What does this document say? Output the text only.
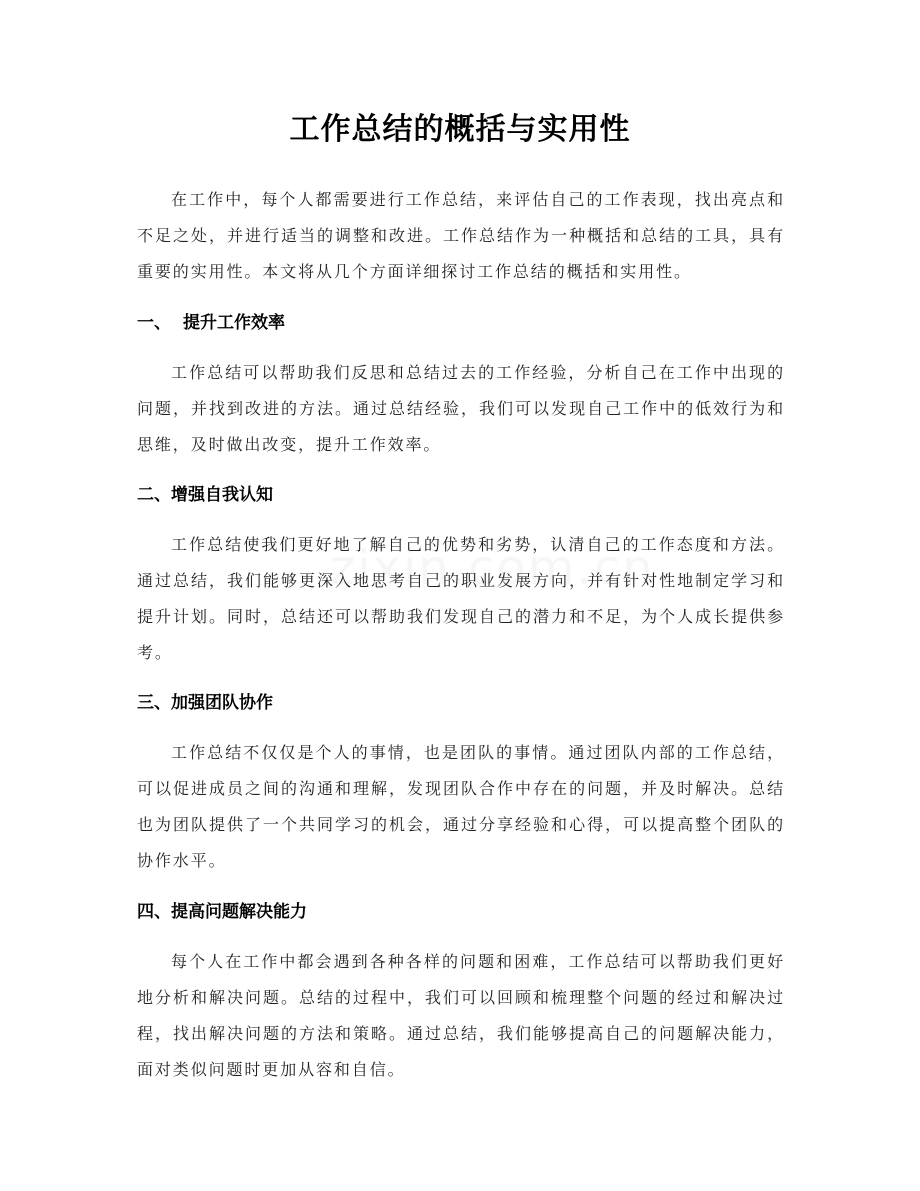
工作总结的概括与实用性

在工作中，每个人都需要进行工作总结，来评估自己的工作表现，找出亮点和不足之处，并进行适当的调整和改进。工作总结作为一种概括和总结的工具，具有重要的实用性。本文将从几个方面详细探讨工作总结的概括和实用性。

一、 提升工作效率

工作总结可以帮助我们反思和总结过去的工作经验，分析自己在工作中出现的问题，并找到改进的方法。通过总结经验，我们可以发现自己工作中的低效行为和思维，及时做出改变，提升工作效率。

二、增强自我认知

工作总结使我们更好地了解自己的优势和劣势，认清自己的工作态度和方法。通过总结，我们能够更深入地思考自己的职业发展方向，并有针对性地制定学习和提升计划。同时，总结还可以帮助我们发现自己的潜力和不足，为个人成长提供参考。

三、加强团队协作

工作总结不仅仅是个人的事情，也是团队的事情。通过团队内部的工作总结，可以促进成员之间的沟通和理解，发现团队合作中存在的问题，并及时解决。总结也为团队提供了一个共同学习的机会，通过分享经验和心得，可以提高整个团队的协作水平。

四、提高问题解决能力

每个人在工作中都会遇到各种各样的问题和困难，工作总结可以帮助我们更好地分析和解决问题。总结的过程中，我们可以回顾和梳理整个问题的经过和解决过程，找出解决问题的方法和策略。通过总结，我们能够提高自己的问题解决能力，面对类似问题时更加从容和自信。
